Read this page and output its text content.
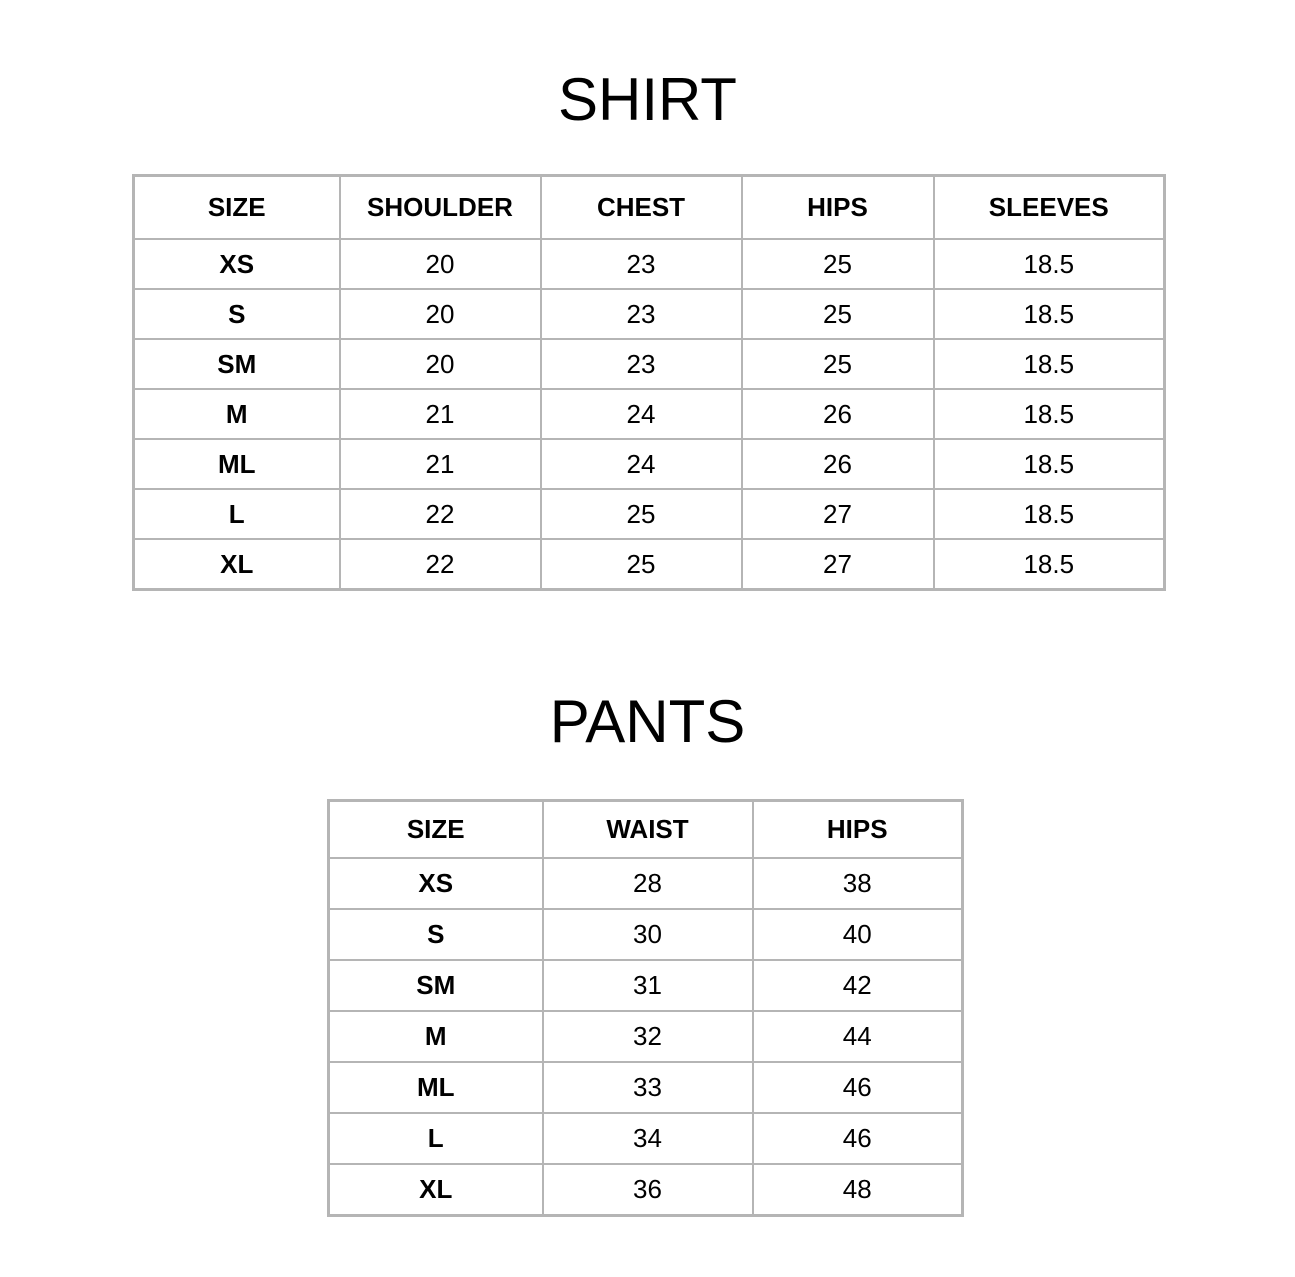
SHIRT
SIZE	SHOULDER	CHEST	HIPS	SLEEVES
XS	20	23	25	18.5
S	20	23	25	18.5
SM	20	23	25	18.5
M	21	24	26	18.5
ML	21	24	26	18.5
L	22	25	27	18.5
XL	22	25	27	18.5
PANTS
SIZE	WAIST	HIPS
XS	28	38
S	30	40
SM	31	42
M	32	44
ML	33	46
L	34	46
XL	36	48
